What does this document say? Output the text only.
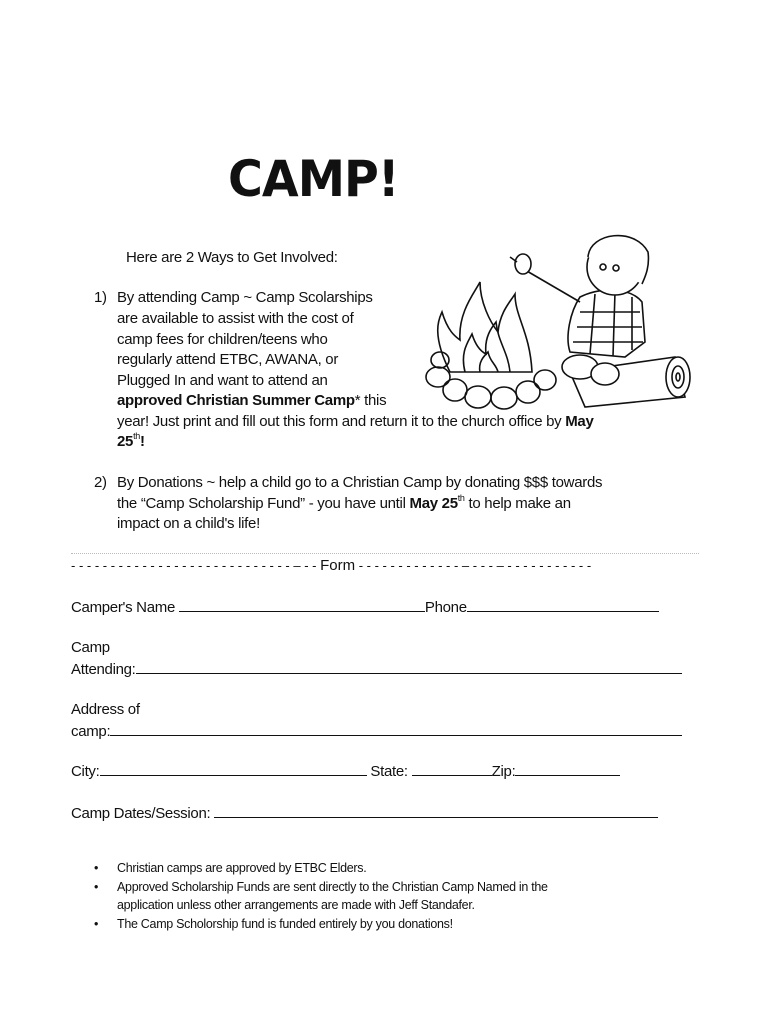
CAMP!
Here are 2 Ways to Get Involved:
1) By attending Camp ~ Camp Scolarships
are available to assist with the cost of
camp fees for children/teens who
regularly attend ETBC, AWANA, or
Plugged In and want to attend an
approved Christian Summer Camp* this
year! Just print and fill out this form and return it to the church office by May
25th!
2) By Donations ~ help a child go to a Christian Camp by donating $$$ towards
the “Camp Scholarship Fund” - you have until May 25th to help make an
impact on a child's life!
- - - - - - - - - - - - - - - - - - - - - - - - - - - - – - - Form - - - - - - - - - - - - - – - - - – - - - - - - - - - - -
Camper's Name	Phone
Camp
Attending:
Address of
camp:
City:	State:	Zip:
Camp Dates/Session:
• Christian camps are approved by ETBC Elders.
• Approved Scholarship Funds are sent directly to the Christian Camp Named in the
application unless other arrangements are made with Jeff Standafer.
• The Camp Scholorship fund is funded entirely by you donations!
